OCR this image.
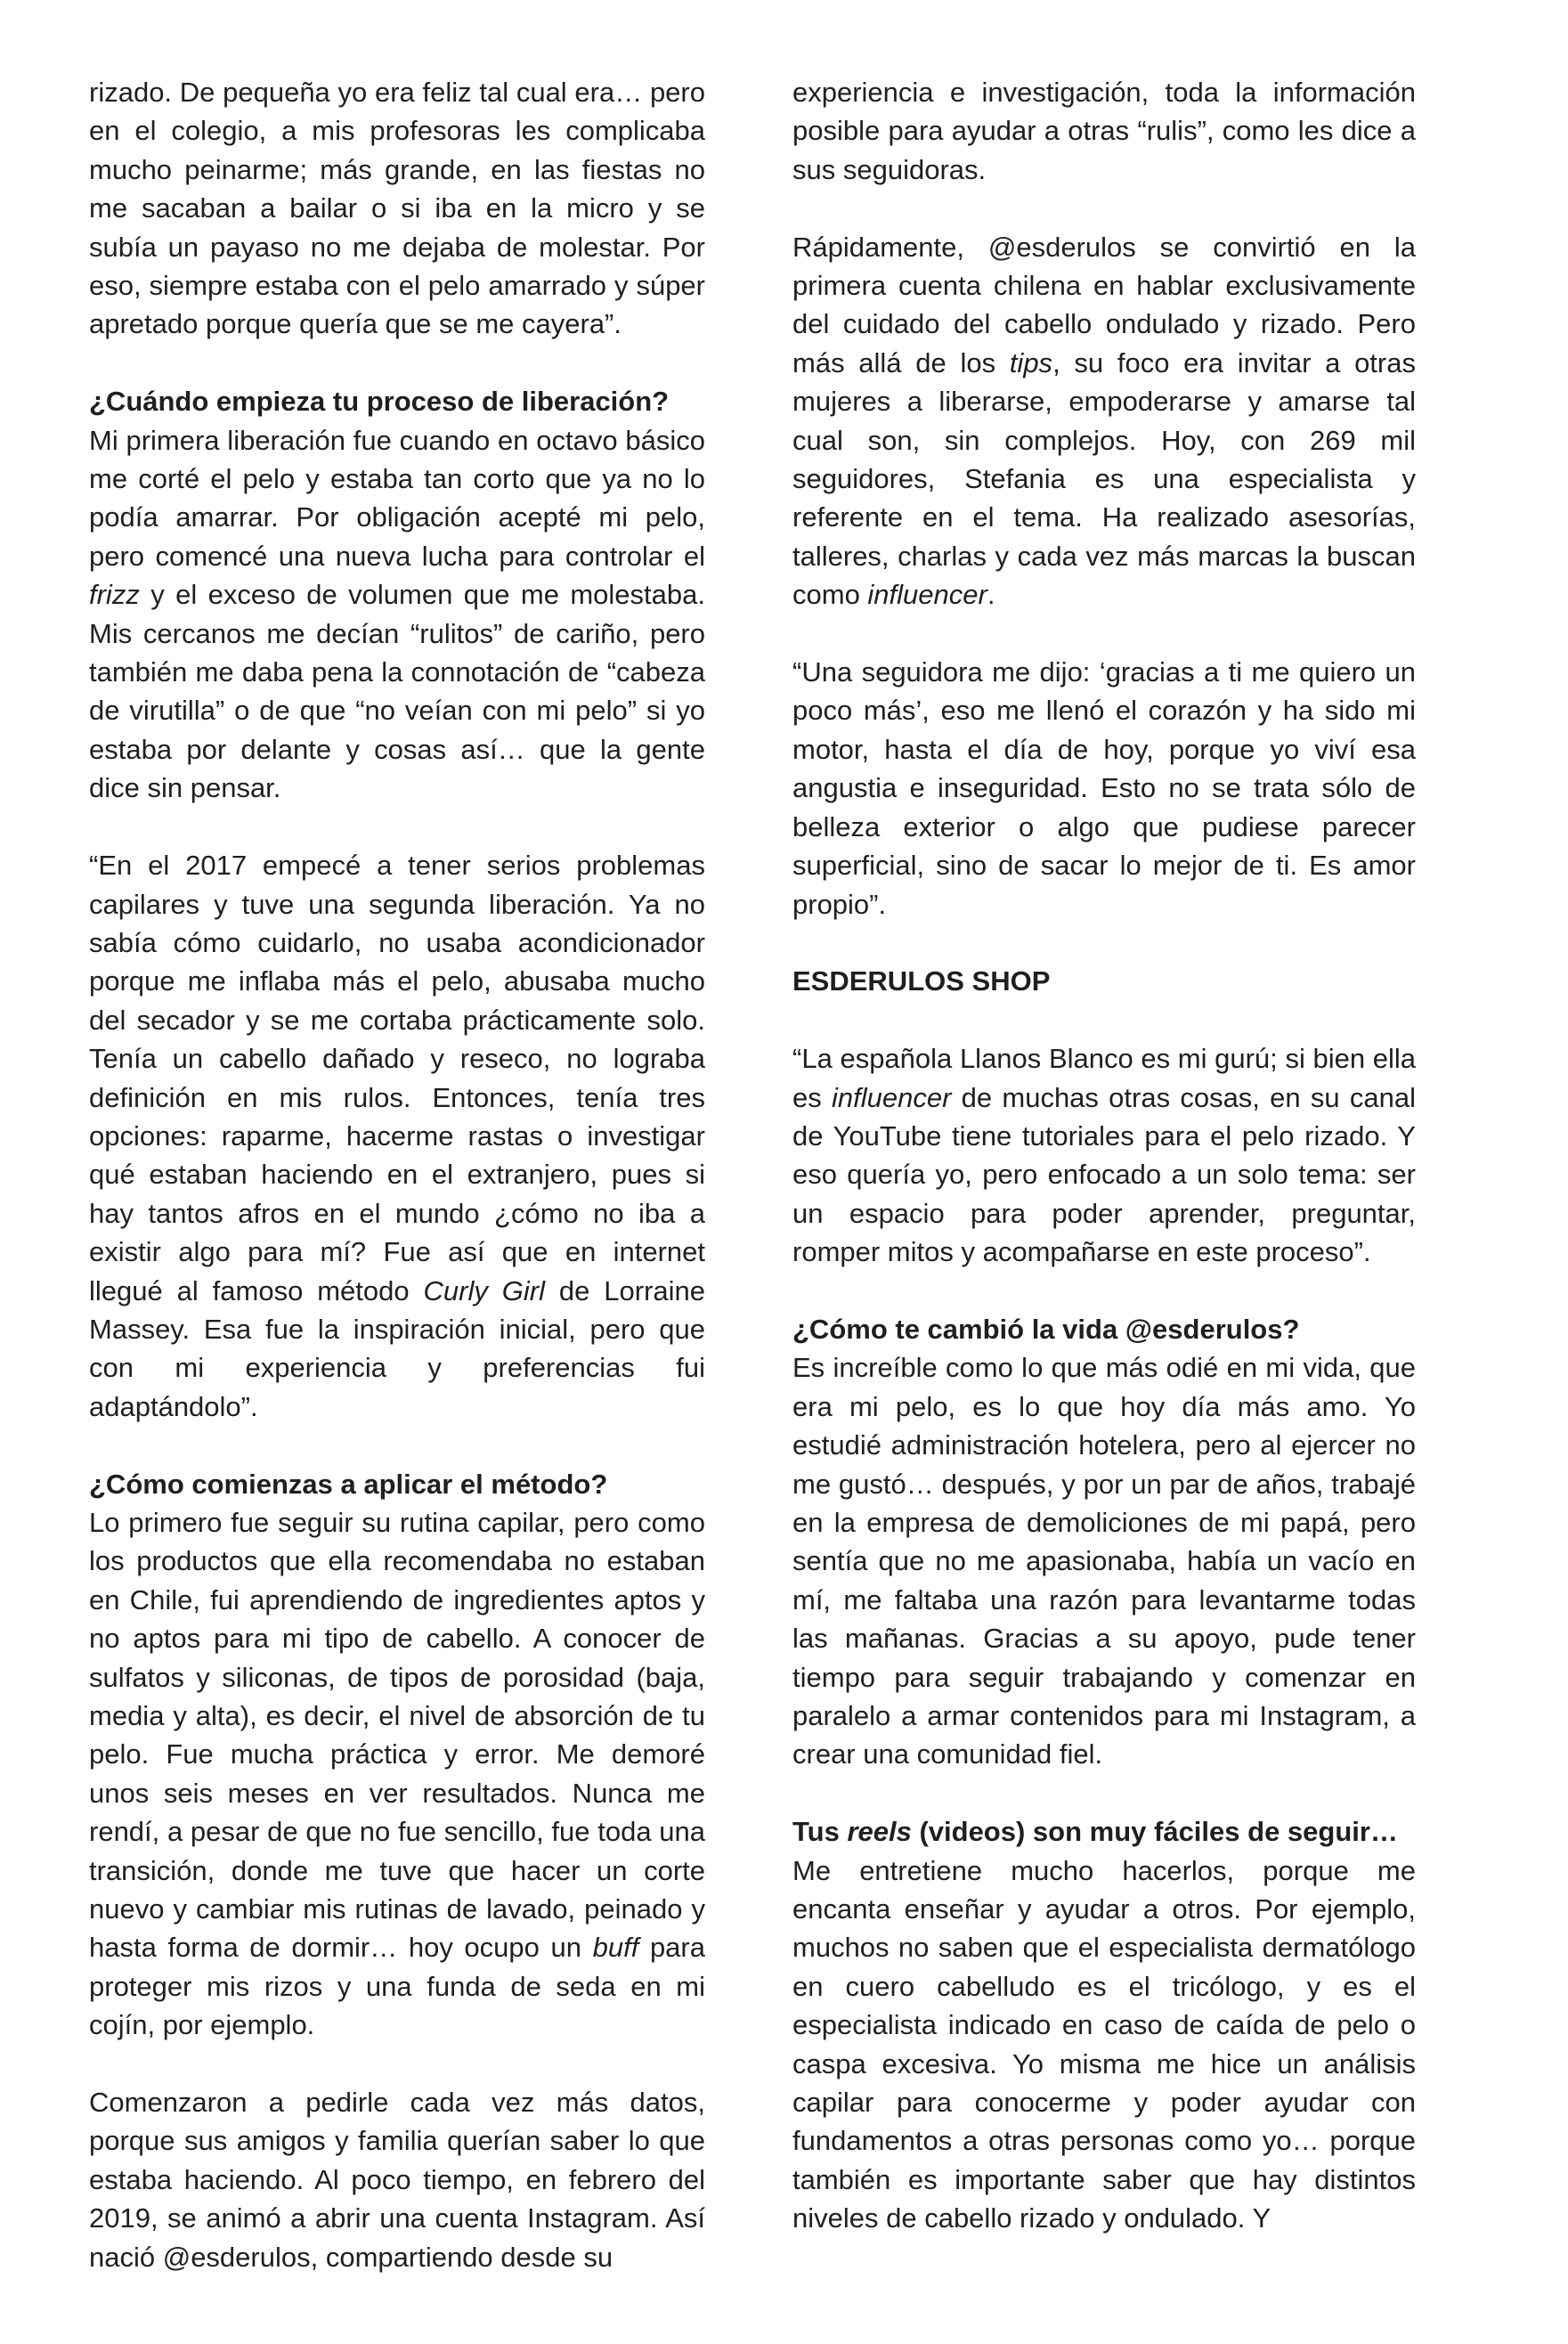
rizado. De pequeña yo era feliz tal cual era… pero en el colegio, a mis profesoras les complicaba mucho peinarme; más grande, en las fiestas no me sacaban a bailar o si iba en la micro y se subía un payaso no me dejaba de molestar. Por eso, siempre estaba con el pelo amarrado y súper apretado porque quería que se me cayera”.

¿Cuándo empieza tu proceso de liberación?

Mi primera liberación fue cuando en octavo básico me corté el pelo y estaba tan corto que ya no lo podía amarrar. Por obligación acepté mi pelo, pero comencé una nueva lucha para controlar el frizz y el exceso de volumen que me molestaba. Mis cercanos me decían “rulitos” de cariño, pero también me daba pena la connotación de “cabeza de virutilla” o de que “no veían con mi pelo” si yo estaba por delante y cosas así… que la gente dice sin pensar.

“En el 2017 empecé a tener serios problemas capilares y tuve una segunda liberación. Ya no sabía cómo cuidarlo, no usaba acondicionador porque me inflaba más el pelo, abusaba mucho del secador y se me cortaba prácticamente solo. Tenía un cabello dañado y reseco, no lograba definición en mis rulos. Entonces, tenía tres opciones: raparme, hacerme rastas o investigar qué estaban haciendo en el extranjero, pues si hay tantos afros en el mundo ¿cómo no iba a existir algo para mí? Fue así que en internet llegué al famoso método Curly Girl de Lorraine Massey. Esa fue la inspiración inicial, pero que con mi experiencia y preferencias fui adaptándolo”.

¿Cómo comienzas a aplicar el método?

Lo primero fue seguir su rutina capilar, pero como los productos que ella recomendaba no estaban en Chile, fui aprendiendo de ingredientes aptos y no aptos para mi tipo de cabello. A conocer de sulfatos y siliconas, de tipos de porosidad (baja, media y alta), es decir, el nivel de absorción de tu pelo. Fue mucha práctica y error. Me demoré unos seis meses en ver resultados. Nunca me rendí, a pesar de que no fue sencillo, fue toda una transición, donde me tuve que hacer un corte nuevo y cambiar mis rutinas de lavado, peinado y hasta forma de dormir… hoy ocupo un buff para proteger mis rizos y una funda de seda en mi cojín, por ejemplo.

Comenzaron a pedirle cada vez más datos, porque sus amigos y familia querían saber lo que estaba haciendo. Al poco tiempo, en febrero del 2019, se animó a abrir una cuenta Instagram. Así nació @esderulos, compartiendo desde su

experiencia e investigación, toda la información posible para ayudar a otras “rulis”, como les dice a sus seguidoras.

Rápidamente, @esderulos se convirtió en la primera cuenta chilena en hablar exclusivamente del cuidado del cabello ondulado y rizado. Pero más allá de los tips, su foco era invitar a otras mujeres a liberarse, empoderarse y amarse tal cual son, sin complejos. Hoy, con 269 mil seguidores, Stefania es una especialista y referente en el tema. Ha realizado asesorías, talleres, charlas y cada vez más marcas la buscan como influencer.

“Una seguidora me dijo: ‘gracias a ti me quiero un poco más’, eso me llenó el corazón y ha sido mi motor, hasta el día de hoy, porque yo viví esa angustia e inseguridad. Esto no se trata sólo de belleza exterior o algo que pudiese parecer superficial, sino de sacar lo mejor de ti. Es amor propio”.

ESDERULOS SHOP

“La española Llanos Blanco es mi gurú; si bien ella es influencer de muchas otras cosas, en su canal de YouTube tiene tutoriales para el pelo rizado. Y eso quería yo, pero enfocado a un solo tema: ser un espacio para poder aprender, preguntar, romper mitos y acompañarse en este proceso”.

¿Cómo te cambió la vida @esderulos?

Es increíble como lo que más odié en mi vida, que era mi pelo, es lo que hoy día más amo. Yo estudié administración hotelera, pero al ejercer no me gustó… después, y por un par de años, trabajé en la empresa de demoliciones de mi papá, pero sentía que no me apasionaba, había un vacío en mí, me faltaba una razón para levantarme todas las mañanas. Gracias a su apoyo, pude tener tiempo para seguir trabajando y comenzar en paralelo a armar contenidos para mi Instagram, a crear una comunidad fiel.

Tus reels (videos) son muy fáciles de seguir…

Me entretiene mucho hacerlos, porque me encanta enseñar y ayudar a otros. Por ejemplo, muchos no saben que el especialista dermatólogo en cuero cabelludo es el tricólogo, y es el especialista indicado en caso de caída de pelo o caspa excesiva. Yo misma me hice un análisis capilar para conocerme y poder ayudar con fundamentos a otras personas como yo… porque también es importante saber que hay distintos niveles de cabello rizado y ondulado. Y
